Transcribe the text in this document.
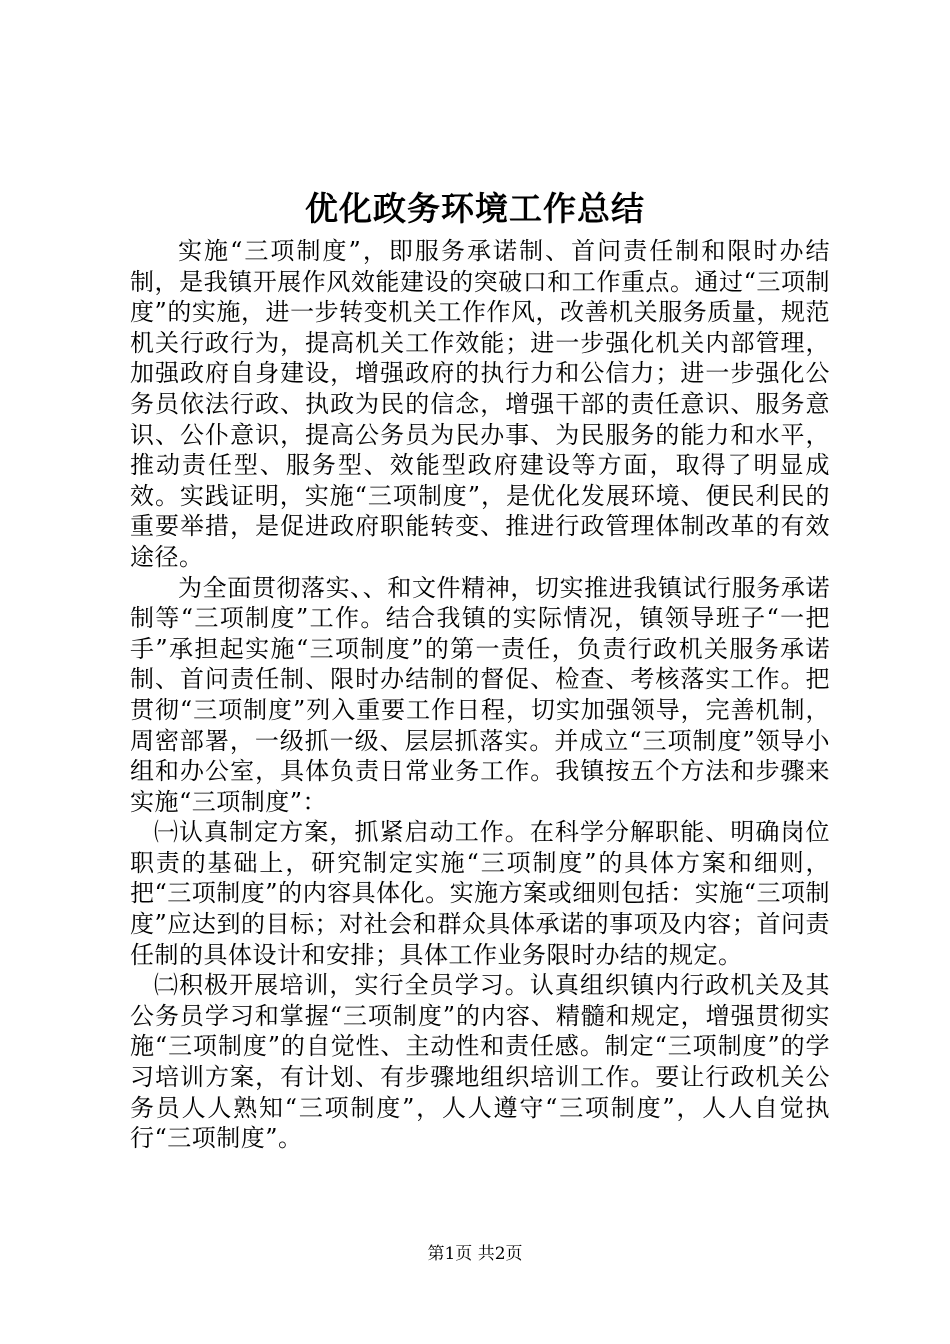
优化政务环境工作总结

实施“三项制度”，即服务承诺制、首问责任制和限时办结制，是我镇开展作风效能建设的突破口和工作重点。通过“三项制度”的实施，进一步转变机关工作作风，改善机关服务质量，规范机关行政行为，提高机关工作效能；进一步强化机关内部管理，加强政府自身建设，增强政府的执行力和公信力；进一步强化公务员依法行政、执政为民的信念，增强干部的责任意识、服务意识、公仆意识，提高公务员为民办事、为民服务的能力和水平，推动责任型、服务型、效能型政府建设等方面，取得了明显成效。实践证明，实施“三项制度”，是优化发展环境、便民利民的重要举措，是促进政府职能转变、推进行政管理体制改革的有效途径。

为全面贯彻落实、、和文件精神，切实推进我镇试行服务承诺制等“三项制度”工作。结合我镇的实际情况，镇领导班子“一把手”承担起实施“三项制度”的第一责任，负责行政机关服务承诺制、首问责任制、限时办结制的督促、检查、考核落实工作。把贯彻“三项制度”列入重要工作日程，切实加强领导，完善机制，周密部署，一级抓一级、层层抓落实。并成立“三项制度”领导小组和办公室，具体负责日常业务工作。我镇按五个方法和步骤来实施“三项制度”：

㈠认真制定方案，抓紧启动工作。在科学分解职能、明确岗位职责的基础上，研究制定实施“三项制度”的具体方案和细则，把“三项制度”的内容具体化。实施方案或细则包括：实施“三项制度”应达到的目标；对社会和群众具体承诺的事项及内容；首问责任制的具体设计和安排；具体工作业务限时办结的规定。

㈡积极开展培训，实行全员学习。认真组织镇内行政机关及其公务员学习和掌握“三项制度”的内容、精髓和规定，增强贯彻实施“三项制度”的自觉性、主动性和责任感。制定“三项制度”的学习培训方案，有计划、有步骤地组织培训工作。要让行政机关公务员人人熟知“三项制度”，人人遵守“三项制度”，人人自觉执行“三项制度”。

第1页 共2页
